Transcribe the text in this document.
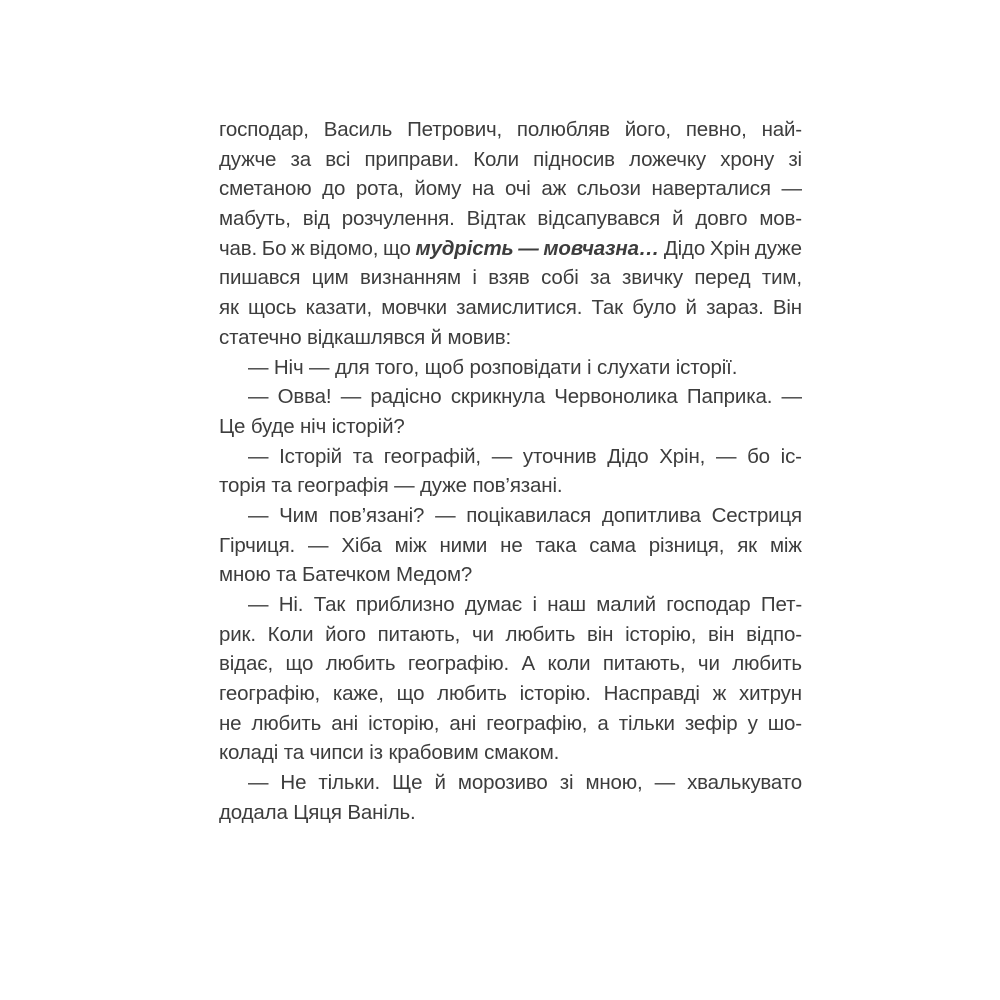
господар, Василь Петрович, полюбляв його, певно, най-
дужче за всі приправи. Коли підносив ложечку хрону зі
сметаною до рота, йому на очі аж сльози наверталися —
мабуть, від розчулення. Відтак відсапувався й довго мов-
чав. Бо ж відомо, що мудрість — мовчазна… Дідо Хрін дуже
пишався цим визнанням і взяв собі за звичку перед тим,
як щось казати, мовчки замислитися. Так було й зараз. Він
статечно відкашлявся й мовив:
— Ніч — для того, щоб розповідати і слухати історії.
— Овва! — радісно скрикнула Червонолика Паприка. —
Це буде ніч історій?
— Історій та географій, — уточнив Дідо Хрін, — бо іс-
торія та географія — дуже пов’язані.
— Чим пов’язані? — поцікавилася допитлива Сестриця
Гірчиця. — Хіба між ними не така сама різниця, як між
мною та Батечком Медом?
— Ні. Так приблизно думає і наш малий господар Пет-
рик. Коли його питають, чи любить він історію, він відпо-
відає, що любить географію. А коли питають, чи любить
географію, каже, що любить історію. Насправді ж хитрун
не любить ані історію, ані географію, а тільки зефір у шо-
коладі та чипси із крабовим смаком.
— Не тільки. Ще й морозиво зі мною, — хвалькувато
додала Цяця Ваніль.
